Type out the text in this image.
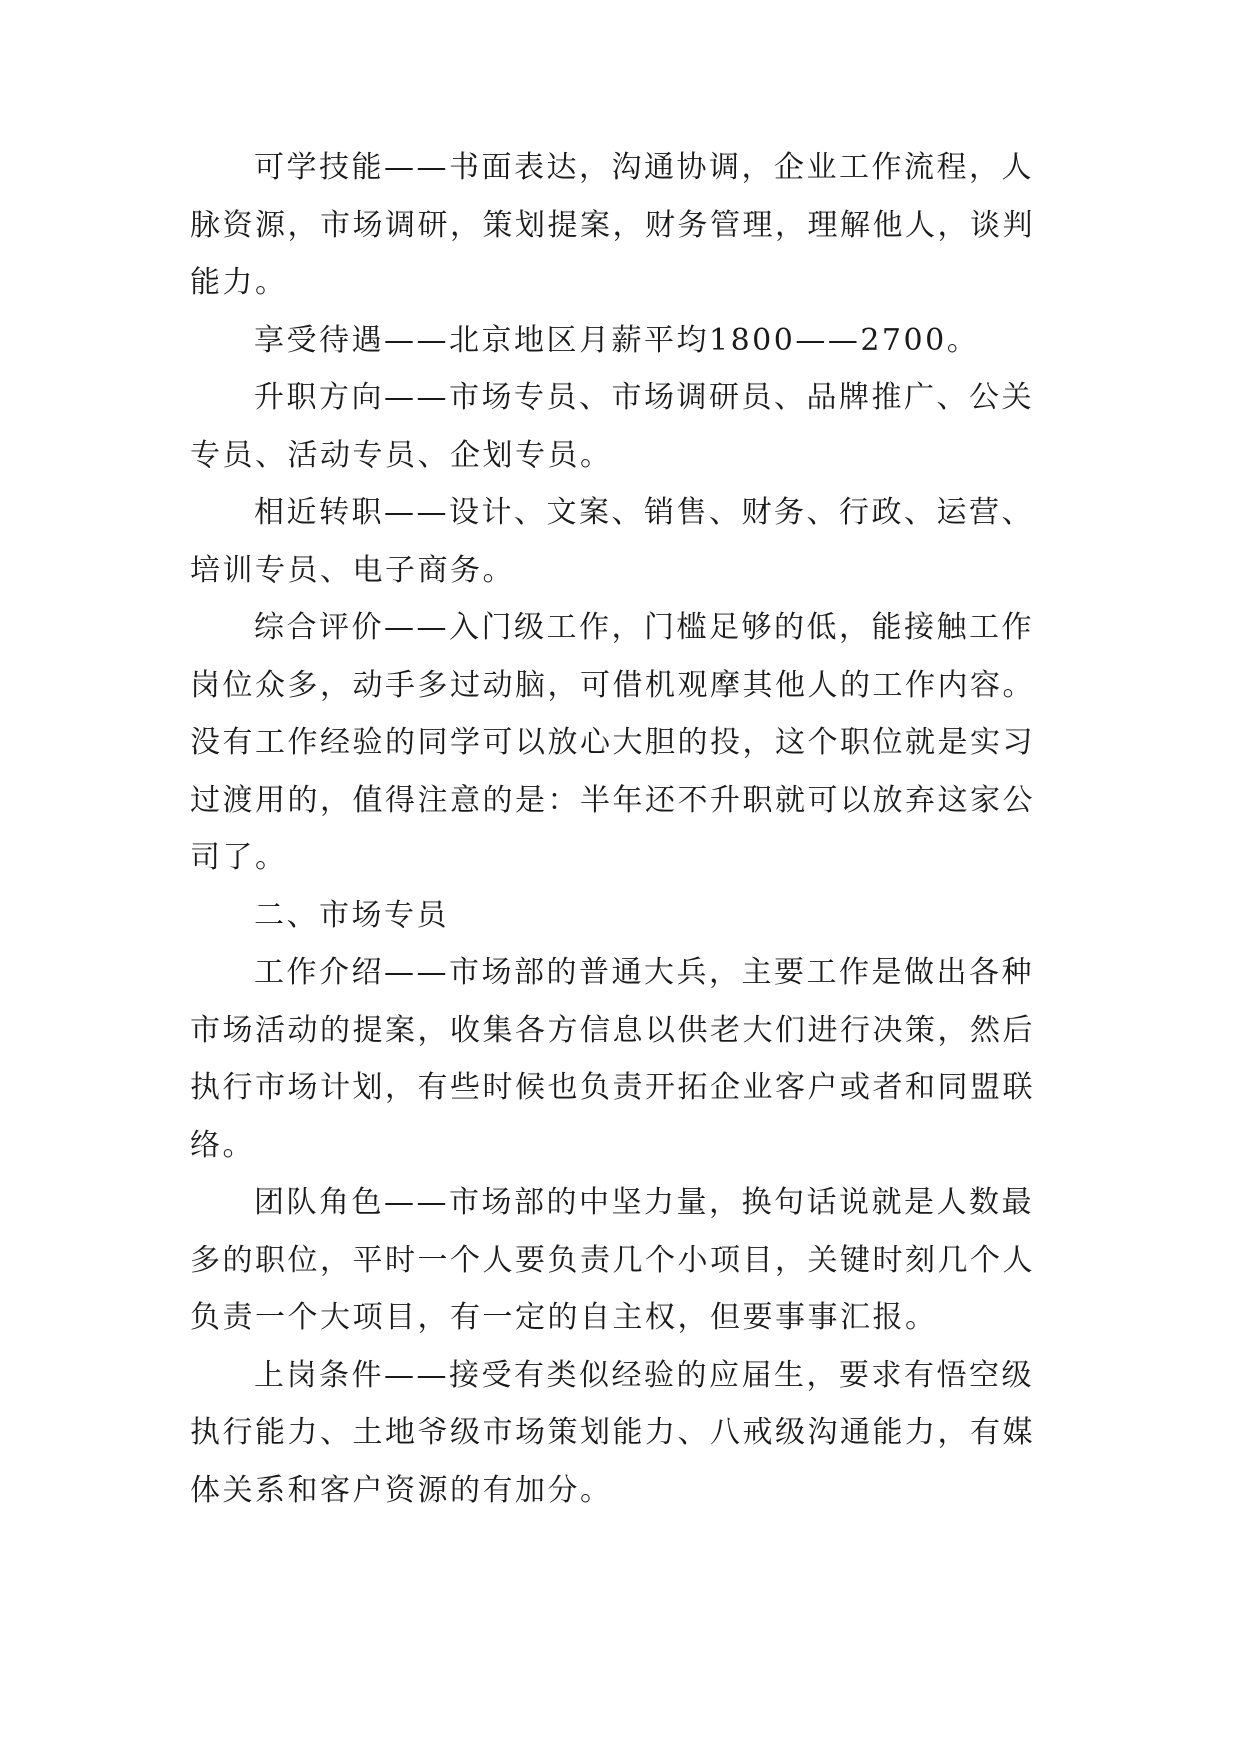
可学技能——书面表达，沟通协调，企业工作流程，人脉资源，市场调研，策划提案，财务管理，理解他人，谈判能力。

享受待遇——北京地区月薪平均1800——2700。

升职方向——市场专员、市场调研员、品牌推广、公关专员、活动专员、企划专员。

相近转职——设计、文案、销售、财务、行政、运营、培训专员、电子商务。

综合评价——入门级工作，门槛足够的低，能接触工作岗位众多，动手多过动脑，可借机观摩其他人的工作内容。没有工作经验的同学可以放心大胆的投，这个职位就是实习过渡用的，值得注意的是：半年还不升职就可以放弃这家公司了。

二、市场专员

工作介绍——市场部的普通大兵，主要工作是做出各种市场活动的提案，收集各方信息以供老大们进行决策，然后执行市场计划，有些时候也负责开拓企业客户或者和同盟联络。

团队角色——市场部的中坚力量，换句话说就是人数最多的职位，平时一个人要负责几个小项目，关键时刻几个人负责一个大项目，有一定的自主权，但要事事汇报。

上岗条件——接受有类似经验的应届生，要求有悟空级执行能力、土地爷级市场策划能力、八戒级沟通能力，有媒体关系和客户资源的有加分。
